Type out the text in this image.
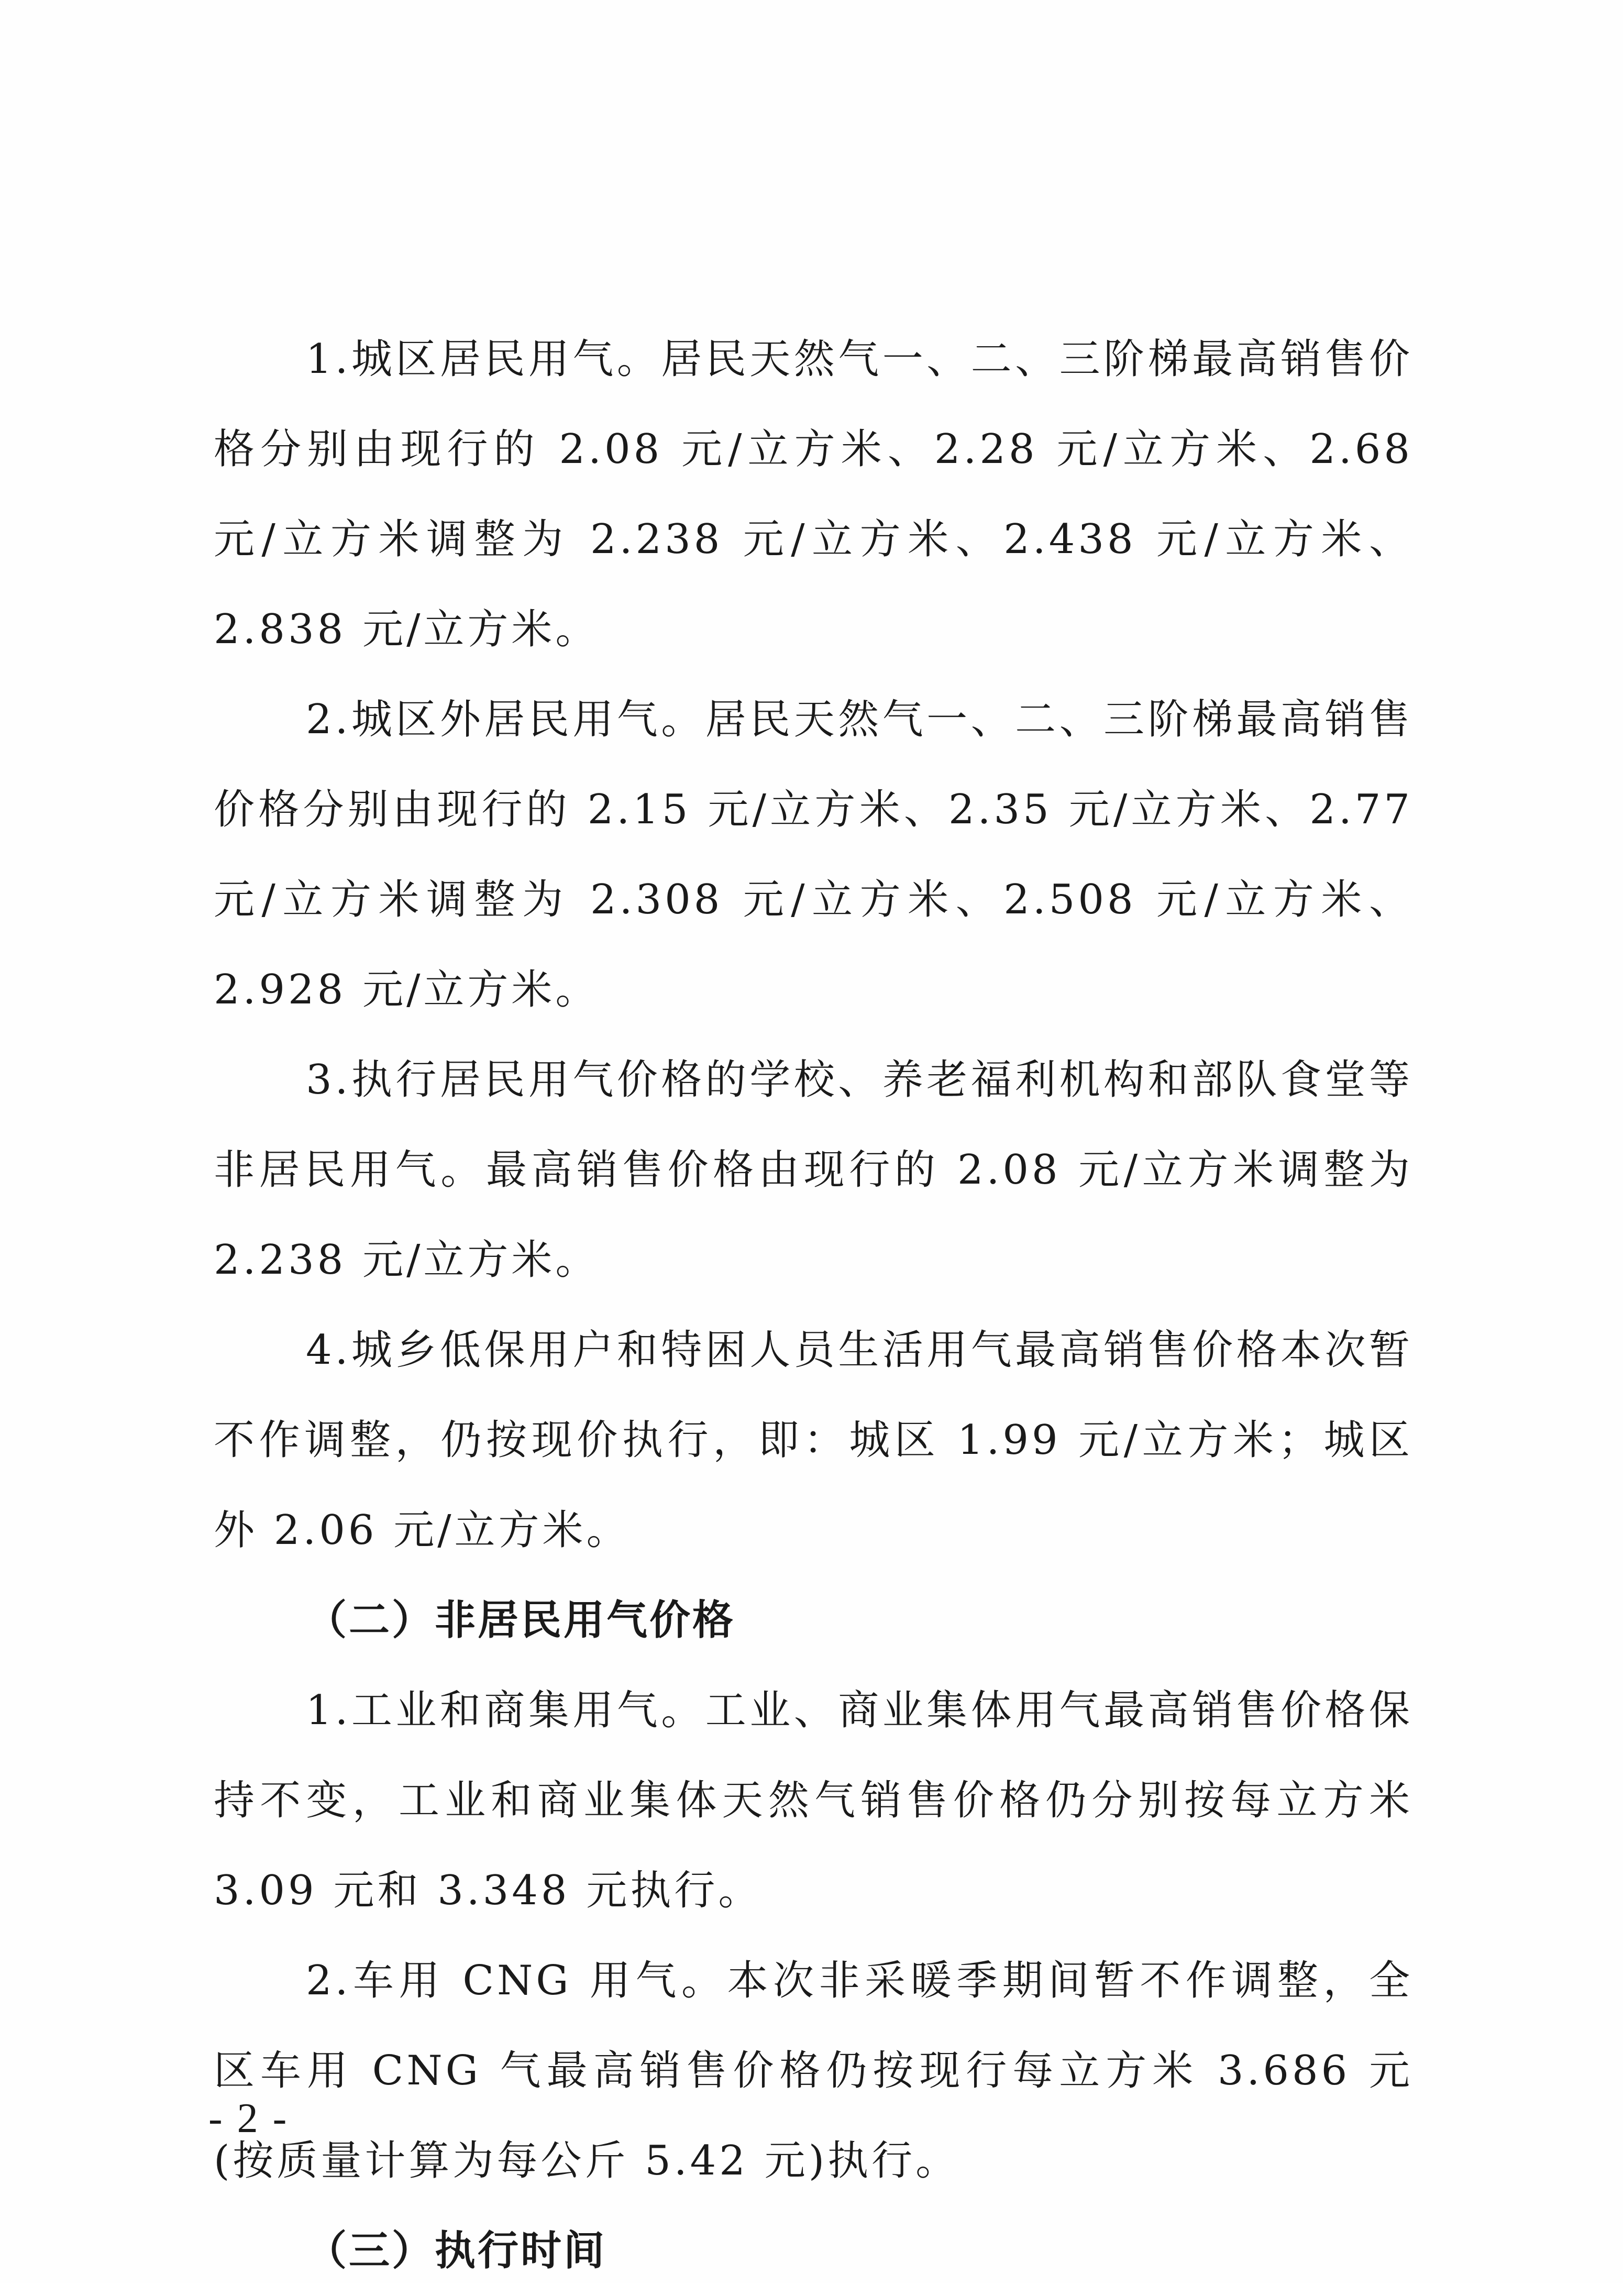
1.城区居民用气。居民天然气一、二、三阶梯最高销售价格分别由现行的 2.08 元/立方米、2.28 元/立方米、2.68 元/立方米调整为 2.238 元/立方米、2.438 元/立方米、2.838 元/立方米。

2.城区外居民用气。居民天然气一、二、三阶梯最高销售价格分别由现行的 2.15 元/立方米、2.35 元/立方米、2.77 元/立方米调整为 2.308 元/立方米、2.508 元/立方米、2.928 元/立方米。

3.执行居民用气价格的学校、养老福利机构和部队食堂等非居民用气。最高销售价格由现行的 2.08 元/立方米调整为 2.238 元/立方米。

4.城乡低保用户和特困人员生活用气最高销售价格本次暂不作调整，仍按现价执行，即：城区 1.99 元/立方米；城区外 2.06 元/立方米。

（二）非居民用气价格

1.工业和商集用气。工业、商业集体用气最高销售价格保持不变，工业和商业集体天然气销售价格仍分别按每立方米 3.09 元和 3.348 元执行。

2.车用 CNG 用气。本次非采暖季期间暂不作调整，全区车用 CNG 气最高销售价格仍按现行每立方米 3.686 元 (按质量计算为每公斤 5.42 元)执行。

（三）执行时间

- 2 -
